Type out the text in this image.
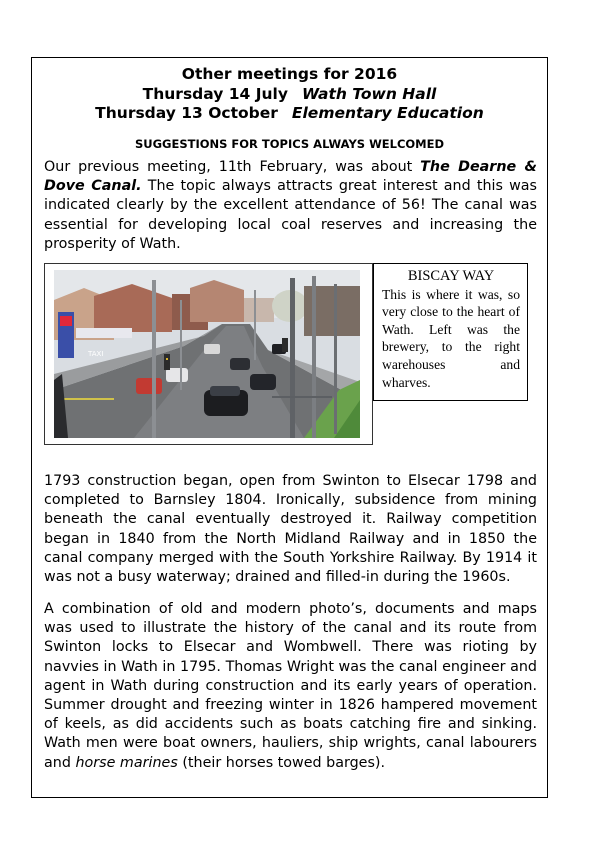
Other meetings for 2016
Thursday 14 July Wath Town Hall
Thursday 13 October Elementary Education
SUGGESTIONS FOR TOPICS ALWAYS WELCOMED
Our previous meeting, 11th February, was about The Dearne & Dove Canal. The topic always attracts great interest and this was indicated clearly by the excellent attendance of 56! The canal was essential for developing local coal reserves and increasing the prosperity of Wath.
TAXI
BISCAY WAY
This is where it was, so very close to the heart of Wath. Left was the brewery, to the right warehouses and wharves.
1793 construction began, open from Swinton to Elsecar 1798 and completed to Barnsley 1804. Ironically, subsidence from mining beneath the canal eventually destroyed it. Railway competition began in 1840 from the North Midland Railway and in 1850 the canal company merged with the South Yorkshire Railway. By 1914 it was not a busy waterway; drained and filled-in during the 1960s.
A combination of old and modern photo’s, documents and maps was used to illustrate the history of the canal and its route from Swinton locks to Elsecar and Wombwell. There was rioting by navvies in Wath in 1795. Thomas Wright was the canal engineer and agent in Wath during construction and its early years of operation. Summer drought and freezing winter in 1826 hampered movement of keels, as did accidents such as boats catching fire and sinking. Wath men were boat owners, hauliers, ship wrights, canal labourers and horse marines (their horses towed barges).
